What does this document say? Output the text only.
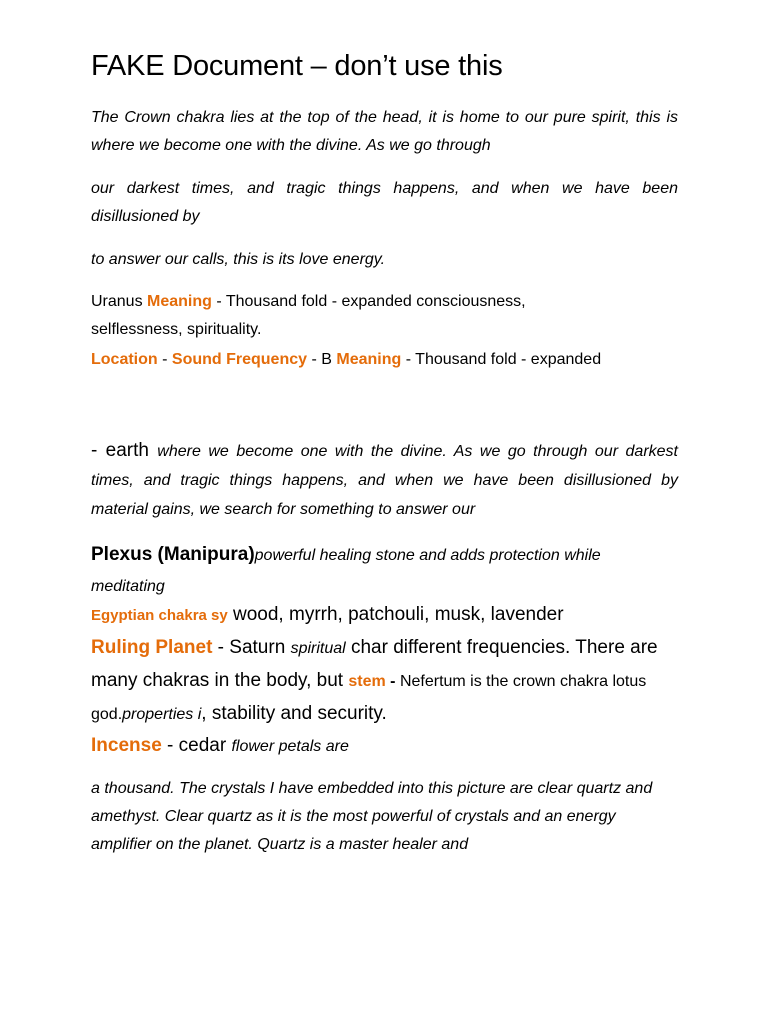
FAKE Document – don’t use this

The Crown chakra lies at the top of the head, it is home to our pure spirit, this is where we become one with the divine. As we go through

our darkest times, and tragic things happens, and when we have been disillusioned by

to answer our calls, this is its love energy.

Uranus Meaning - Thousand fold - expanded consciousness, selflessness, spirituality.

Location - Sound Frequency - B Meaning - Thousand fold - expanded

- earth where we become one with the divine. As we go through our darkest times, and tragic things happens, and when we have been disillusioned by material gains, we search for something to answer our

Plexus (Manipura)powerful healing stone and adds protection while meditating

Egyptian chakra sy wood, myrrh, patchouli, musk, lavender

Ruling Planet - Saturn spiritual char different frequencies. There are many chakras in the body, but stem - Nefertum is the crown chakra lotus god.properties i, stability and security.

Incense - cedar flower petals are

a thousand. The crystals I have embedded into this picture are clear quartz and amethyst. Clear quartz as it is the most powerful of crystals and an energy amplifier on the planet. Quartz is a master healer and
